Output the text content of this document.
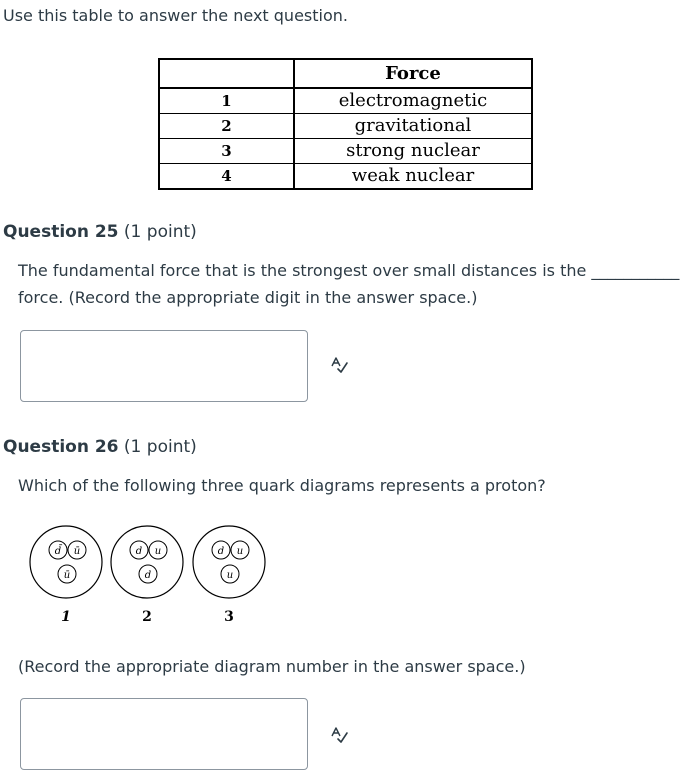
Use this table to answer the next question.
	Force
1	electromagnetic
2	gravitational
3	strong nuclear
4	weak nuclear
Question 25 (1 point)
The fundamental force that is the strongest over small distances is the ___________
force. (Record the appropriate digit in the answer space.)
Question 26 (1 point)
Which of the following three quark diagrams represents a proton?
d̄ ū
ū
1
d u
d
2
d u
u
3
(Record the appropriate diagram number in the answer space.)
